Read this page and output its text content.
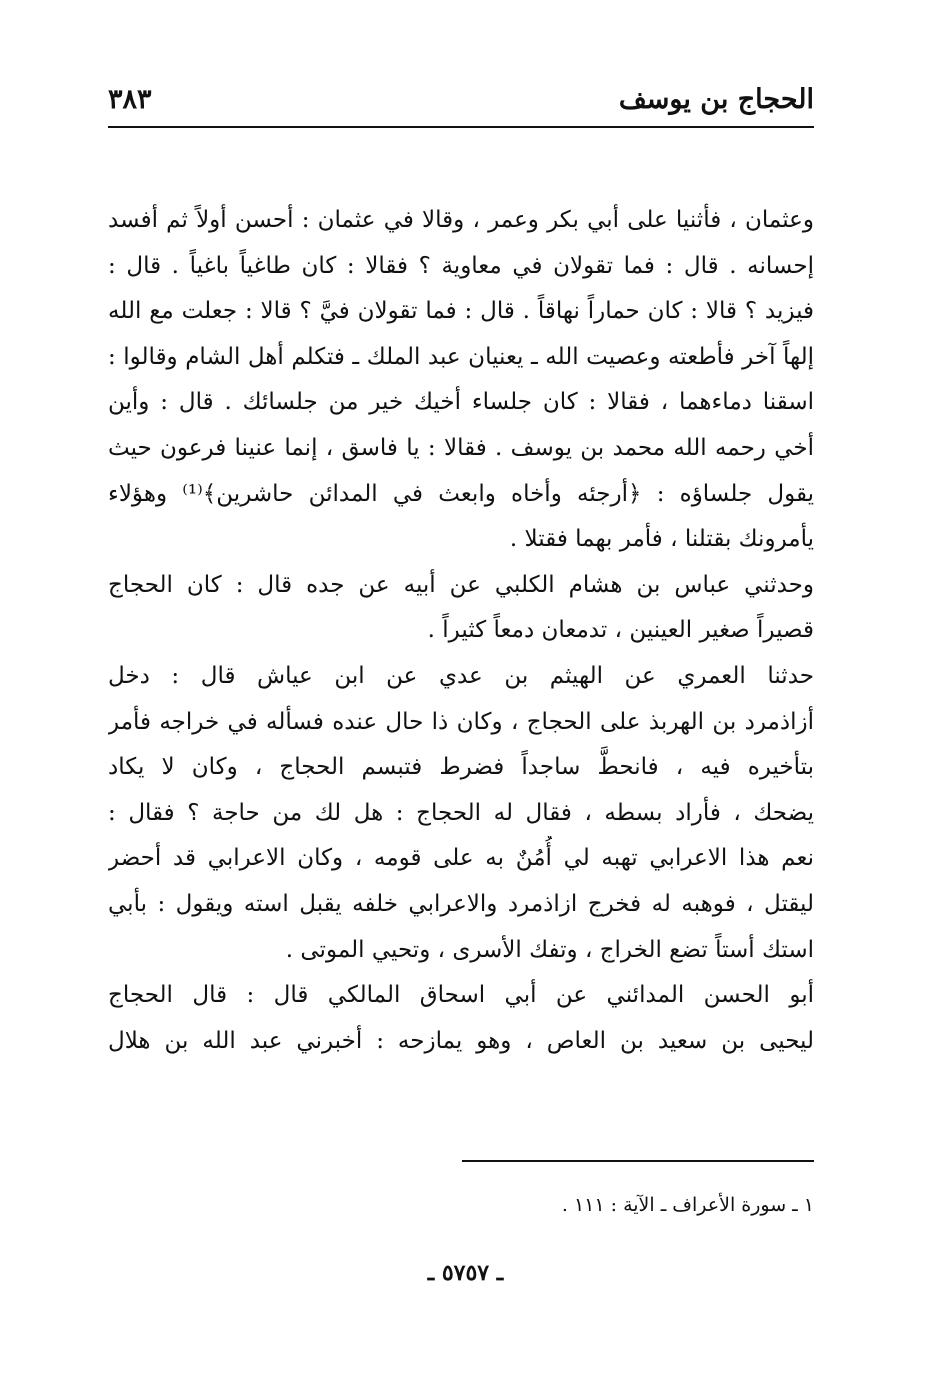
الحجاج بن يوسف
٣٨٣
وعثمان ، فأثنيا على أبي بكر وعمر ، وقالا في عثمان : أحسن أولاً ثم أفسد
إحسانه . قال : فما تقولان في معاوية ؟ فقالا : كان طاغياً باغياً . قال :
فيزيد ؟ قالا : كان حماراً نهاقاً . قال : فما تقولان فيَّ ؟ قالا : جعلت مع الله
إلهاً آخر فأطعته وعصيت الله ـ يعنيان عبد الملك ـ فتكلم أهل الشام وقالوا :
اسقنا دماءهما ، فقالا : كان جلساء أخيك خير من جلسائك . قال : وأين
أخي رحمه الله محمد بن يوسف . فقالا : يا فاسق ، إنما عنينا فرعون حيث
يقول جلساؤه : ﴿أرجئه وأخاه وابعث في المدائن حاشرين﴾⁽¹⁾ وهؤلاء
يأمرونك بقتلنا ، فأمر بهما فقتلا .
وحدثني عباس بن هشام الكلبي عن أبيه عن جده قال : كان الحجاج
قصيراً صغير العينين ، تدمعان دمعاً كثيراً .
حدثنا العمري عن الهيثم بن عدي عن ابن عياش قال : دخل
أزاذمرد بن الهربذ على الحجاج ، وكان ذا حال عنده فسأله في خراجه فأمر
بتأخيره فيه ، فانحطَّ ساجداً فضرط فتبسم الحجاج ، وكان لا يكاد
يضحك ، فأراد بسطه ، فقال له الحجاج : هل لك من حاجة ؟ فقال :
نعم هذا الاعرابي تهبه لي أُمُنٌ به على قومه ، وكان الاعرابي قد أحضر
ليقتل ، فوهبه له فخرج ازاذمرد والاعرابي خلفه يقبل استه ويقول : بأبي
استك أستاً تضع الخراج ، وتفك الأسرى ، وتحيي الموتى .
أبو الحسن المدائني عن أبي اسحاق المالكي قال : قال الحجاج
ليحيى بن سعيد بن العاص ، وهو يمازحه : أخبرني عبد الله بن هلال
١ ـ سورة الأعراف ـ الآية : ١١١ .
ـ ٥٧٥٧ ـ
